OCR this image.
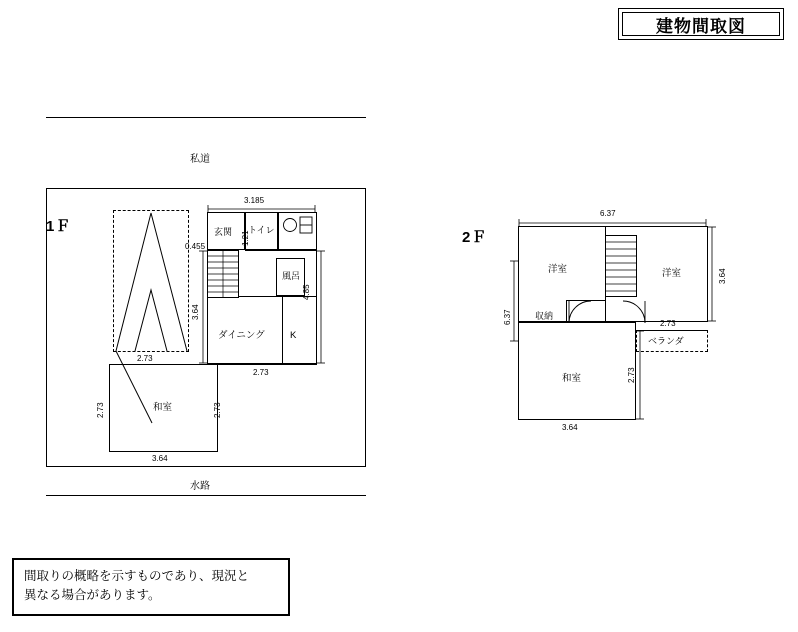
建物間取図
1Ｆ
私道
水路
3.185
玄関 トイレ
1.21
0.455
風呂
3.64
4.85
ダイニング	K
和室
2.73
2.73
2.73	2.73
3.64
2Ｆ
6.37
洋室	洋室
収納
和室
ベランダ
3.64
6.37	2.73
2.73
3.64
間取りの概略を示すものであり、現況と
異なる場合があります。
